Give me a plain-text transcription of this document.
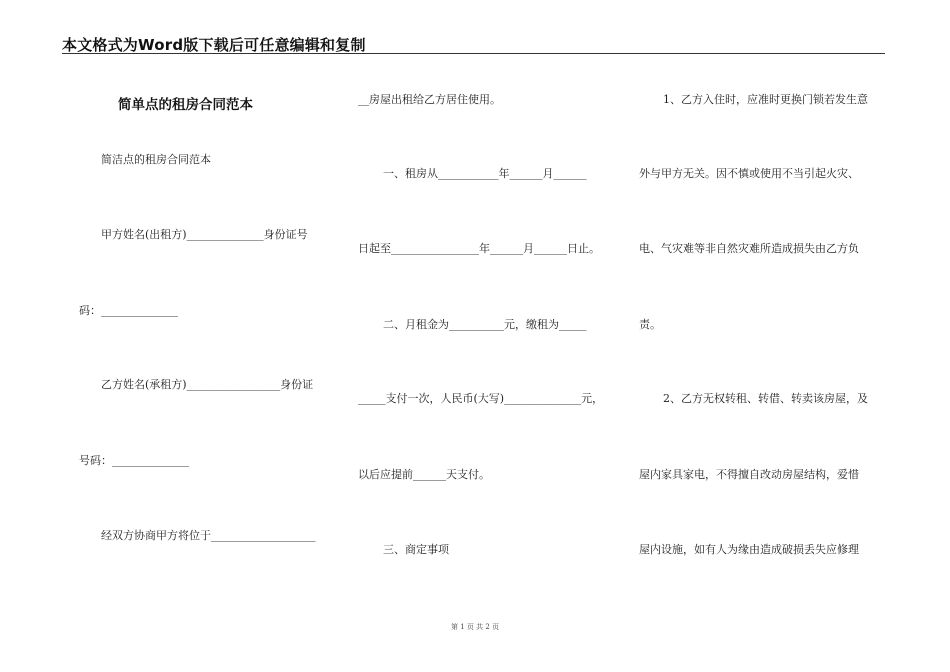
本文格式为Word版下载后可任意编辑和复制
简单点的租房合同范本
简洁点的租房合同范本
甲方姓名(出租方)______________身份证号
码：______________
乙方姓名(承租方)_________________身份证
号码：______________
经双方协商甲方将位于___________________
__房屋出租给乙方居住使用。
一、租房从___________年______月______
日起至________________年______月______日止。
二、月租金为__________元，缴租为_____
_____支付一次，人民币(大写)______________元，
以后应提前______天支付。
三、商定事项
1、乙方入住时，应准时更换门锁若发生意
外与甲方无关。因不慎或使用不当引起火灾、
电、气灾难等非自然灾难所造成损失由乙方负
责。
2、乙方无权转租、转借、转卖该房屋，及
屋内家具家电，不得擅自改动房屋结构，爱惜
屋内设施，如有人为缘由造成破损丢失应修理
第 1 页 共 2 页
